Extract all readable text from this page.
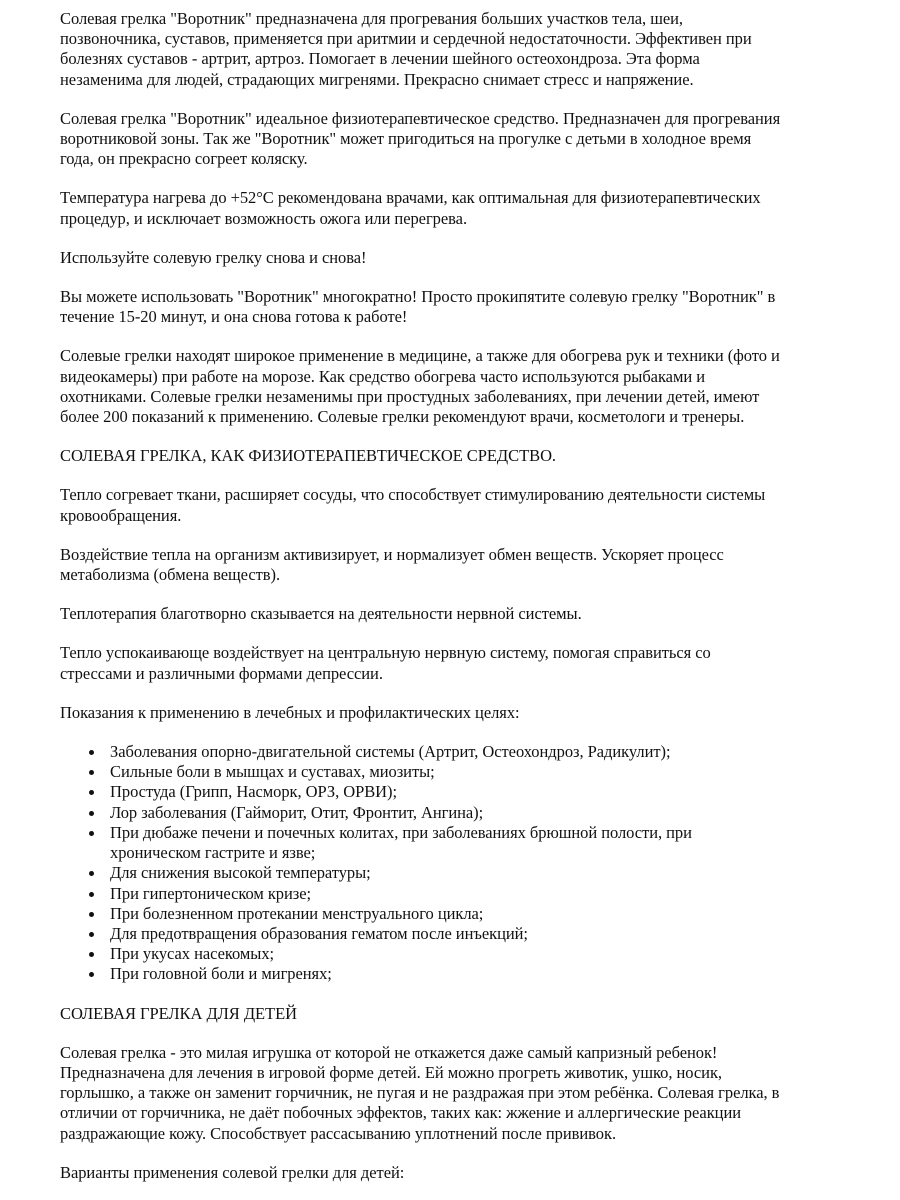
Солевая грелка "Воротник" предназначена для прогревания больших участков тела, шеи,
позвоночника, суставов, применяется при аритмии и сердечной недостаточности. Эффективен при
болезнях суставов - артрит, артроз. Помогает в лечении шейного остеохондроза. Эта форма
незаменима для людей, страдающих мигренями. Прекрасно снимает стресс и напряжение.

Солевая грелка "Воротник" идеальное физиотерапевтическое средство. Предназначен для прогревания
воротниковой зоны. Так же "Воротник" может пригодиться на прогулке с детьми в холодное время
года, он прекрасно согреет коляску.

Температура нагрева до +52°С рекомендована врачами, как оптимальная для физиотерапевтических
процедур, и исключает возможность ожога или перегрева.

Используйте солевую грелку снова и снова!

Вы можете использовать "Воротник" многократно! Просто прокипятите солевую грелку "Воротник" в
течение 15-20 минут, и она снова готова к работе!

Солевые грелки находят широкое применение в медицине, а также для обогрева рук и техники (фото и
видеокамеры) при работе на морозе. Как средство обогрева часто используются рыбаками и
охотниками. Солевые грелки незаменимы при простудных заболеваниях, при лечении детей, имеют
более 200 показаний к применению. Солевые грелки рекомендуют врачи, косметологи и тренеры.

СОЛЕВАЯ ГРЕЛКА, КАК ФИЗИОТЕРАПЕВТИЧЕСКОЕ СРЕДСТВО.

Тепло согревает ткани, расширяет сосуды, что способствует стимулированию деятельности системы
кровообращения.

Воздействие тепла на организм активизирует, и нормализует обмен веществ. Ускоряет процесс
метаболизма (обмена веществ).

Теплотерапия благотворно сказывается на деятельности нервной системы.

Тепло успокаивающе воздействует на центральную нервную систему, помогая справиться со
стрессами и различными формами депрессии.

Показания к применению в лечебных и профилактических целях:

Заболевания опорно-двигательной системы (Артрит, Остеохондроз, Радикулит);
Сильные боли в мышцах и суставах, миозиты;
Простуда (Грипп, Насморк, ОРЗ, ОРВИ);
Лор заболевания (Гайморит, Отит, Фронтит, Ангина);
При дюбаже печени и почечных колитах, при заболеваниях брюшной полости, при
хроническом гастрите и язве;
Для снижения высокой температуры;
При гипертоническом кризе;
При болезненном протекании менструального цикла;
Для предотвращения образования гематом после инъекций;
При укусах насекомых;
При головной боли и мигренях;

СОЛЕВАЯ ГРЕЛКА ДЛЯ ДЕТЕЙ

Солевая грелка - это милая игрушка от которой не откажется даже самый капризный ребенок!
Предназначена для лечения в игровой форме детей. Ей можно прогреть животик, ушко, носик,
горлышко, а также он заменит горчичник, не пугая и не раздражая при этом ребёнка. Солевая грелка, в
отличии от горчичника, не даёт побочных эффектов, таких как: жжение и аллергические реакции
раздражающие кожу. Способствует рассасыванию уплотнений после прививок.

Варианты применения солевой грелки для детей:
